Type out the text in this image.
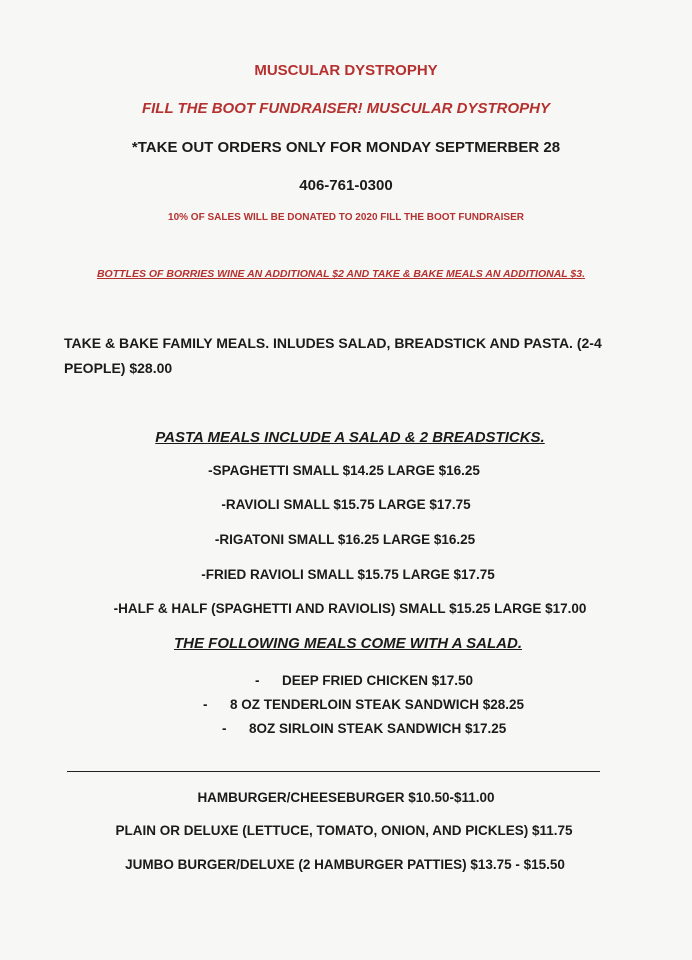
MUSCULAR DYSTROPHY
FILL THE BOOT FUNDRAISER! MUSCULAR DYSTROPHY
*TAKE OUT ORDERS ONLY FOR MONDAY SEPTMERBER 28
406-761-0300
10% OF SALES WILL BE DONATED TO 2020 FILL THE BOOT FUNDRAISER
BOTTLES OF BORRIES WINE AN ADDITIONAL $2 AND TAKE & BAKE MEALS AN ADDITIONAL $3.
TAKE & BAKE FAMILY MEALS. INLUDES SALAD, BREADSTICK AND PASTA. (2-4
PEOPLE) $28.00
PASTA MEALS INCLUDE A SALAD & 2 BREADSTICKS.
-SPAGHETTI SMALL $14.25 LARGE $16.25
-RAVIOLI SMALL $15.75 LARGE $17.75
-RIGATONI SMALL $16.25 LARGE $16.25
-FRIED RAVIOLI SMALL $15.75 LARGE $17.75
-HALF & HALF (SPAGHETTI AND RAVIOLIS) SMALL $15.25 LARGE $17.00
THE FOLLOWING MEALS COME WITH A SALAD.
-      DEEP FRIED CHICKEN $17.50
-      8 OZ TENDERLOIN STEAK SANDWICH $28.25
-      8OZ SIRLOIN STEAK SANDWICH $17.25
HAMBURGER/CHEESEBURGER $10.50-$11.00
PLAIN OR DELUXE (LETTUCE, TOMATO, ONION, AND PICKLES) $11.75
JUMBO BURGER/DELUXE (2 HAMBURGER PATTIES) $13.75 - $15.50
